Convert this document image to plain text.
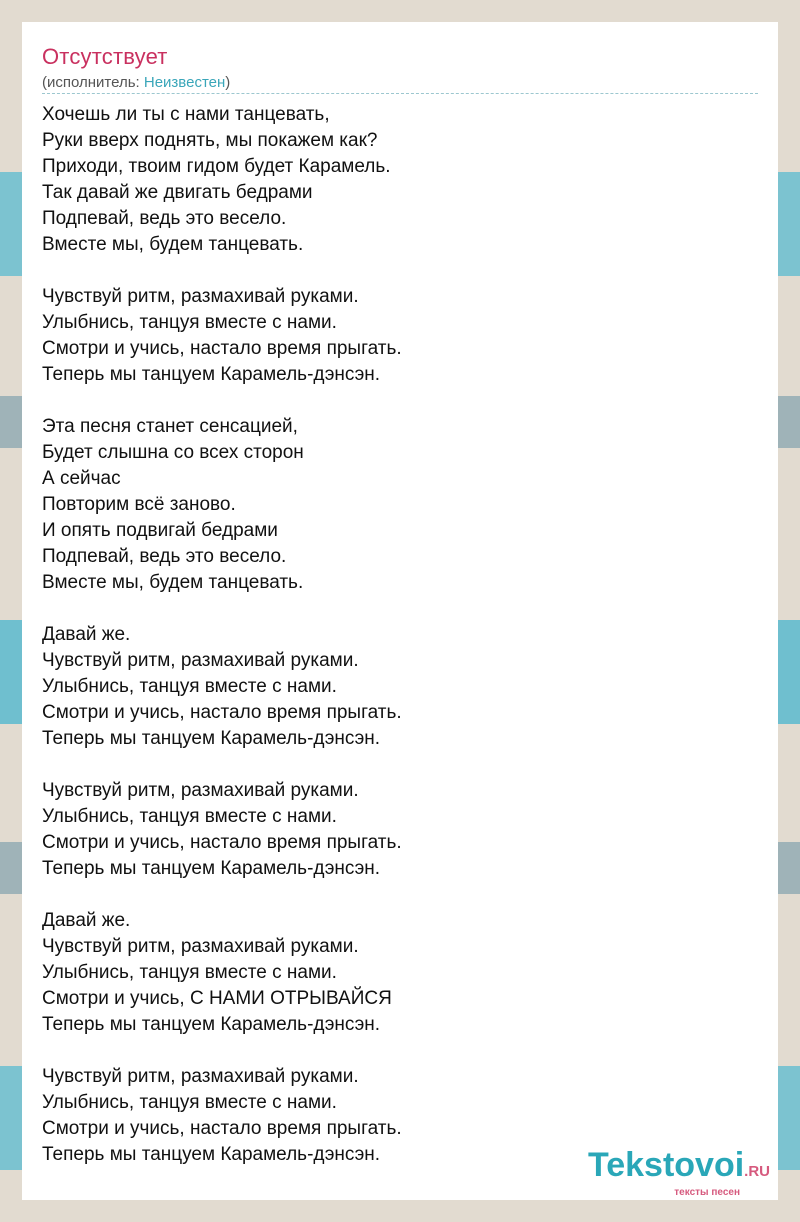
Отсутствует
(исполнитель: Неизвестен)
Хочешь ли ты с нами танцевать,
Руки вверх поднять, мы покажем как?
Приходи, твоим гидом будет Карамель.
Так давай же двигать бедрами
Подпевай, ведь это весело.
Вместе мы, будем танцевать.
Чувствуй ритм, размахивай руками.
Улыбнись, танцуя вместе с нами.
Смотри и учись, настало время прыгать.
Теперь мы танцуем Карамель-дэнсэн.
Эта песня станет сенсацией,
Будет слышна со всех сторон
А сейчас
Повторим всё заново.
И опять подвигай бедрами
Подпевай, ведь это весело.
Вместе мы, будем танцевать.
Давай же.
Чувствуй ритм, размахивай руками.
Улыбнись, танцуя вместе с нами.
Смотри и учись, настало время прыгать.
Теперь мы танцуем Карамель-дэнсэн.
Чувствуй ритм, размахивай руками.
Улыбнись, танцуя вместе с нами.
Смотри и учись, настало время прыгать.
Теперь мы танцуем Карамель-дэнсэн.
Давай же.
Чувствуй ритм, размахивай руками.
Улыбнись, танцуя вместе с нами.
Смотри и учись, С НАМИ ОТРЫВАЙСЯ
Теперь мы танцуем Карамель-дэнсэн.
Чувствуй ритм, размахивай руками.
Улыбнись, танцуя вместе с нами.
Смотри и учись, настало время прыгать.
Теперь мы танцуем Карамель-дэнсэн.	Tekstovoi.RU
тексты песен
